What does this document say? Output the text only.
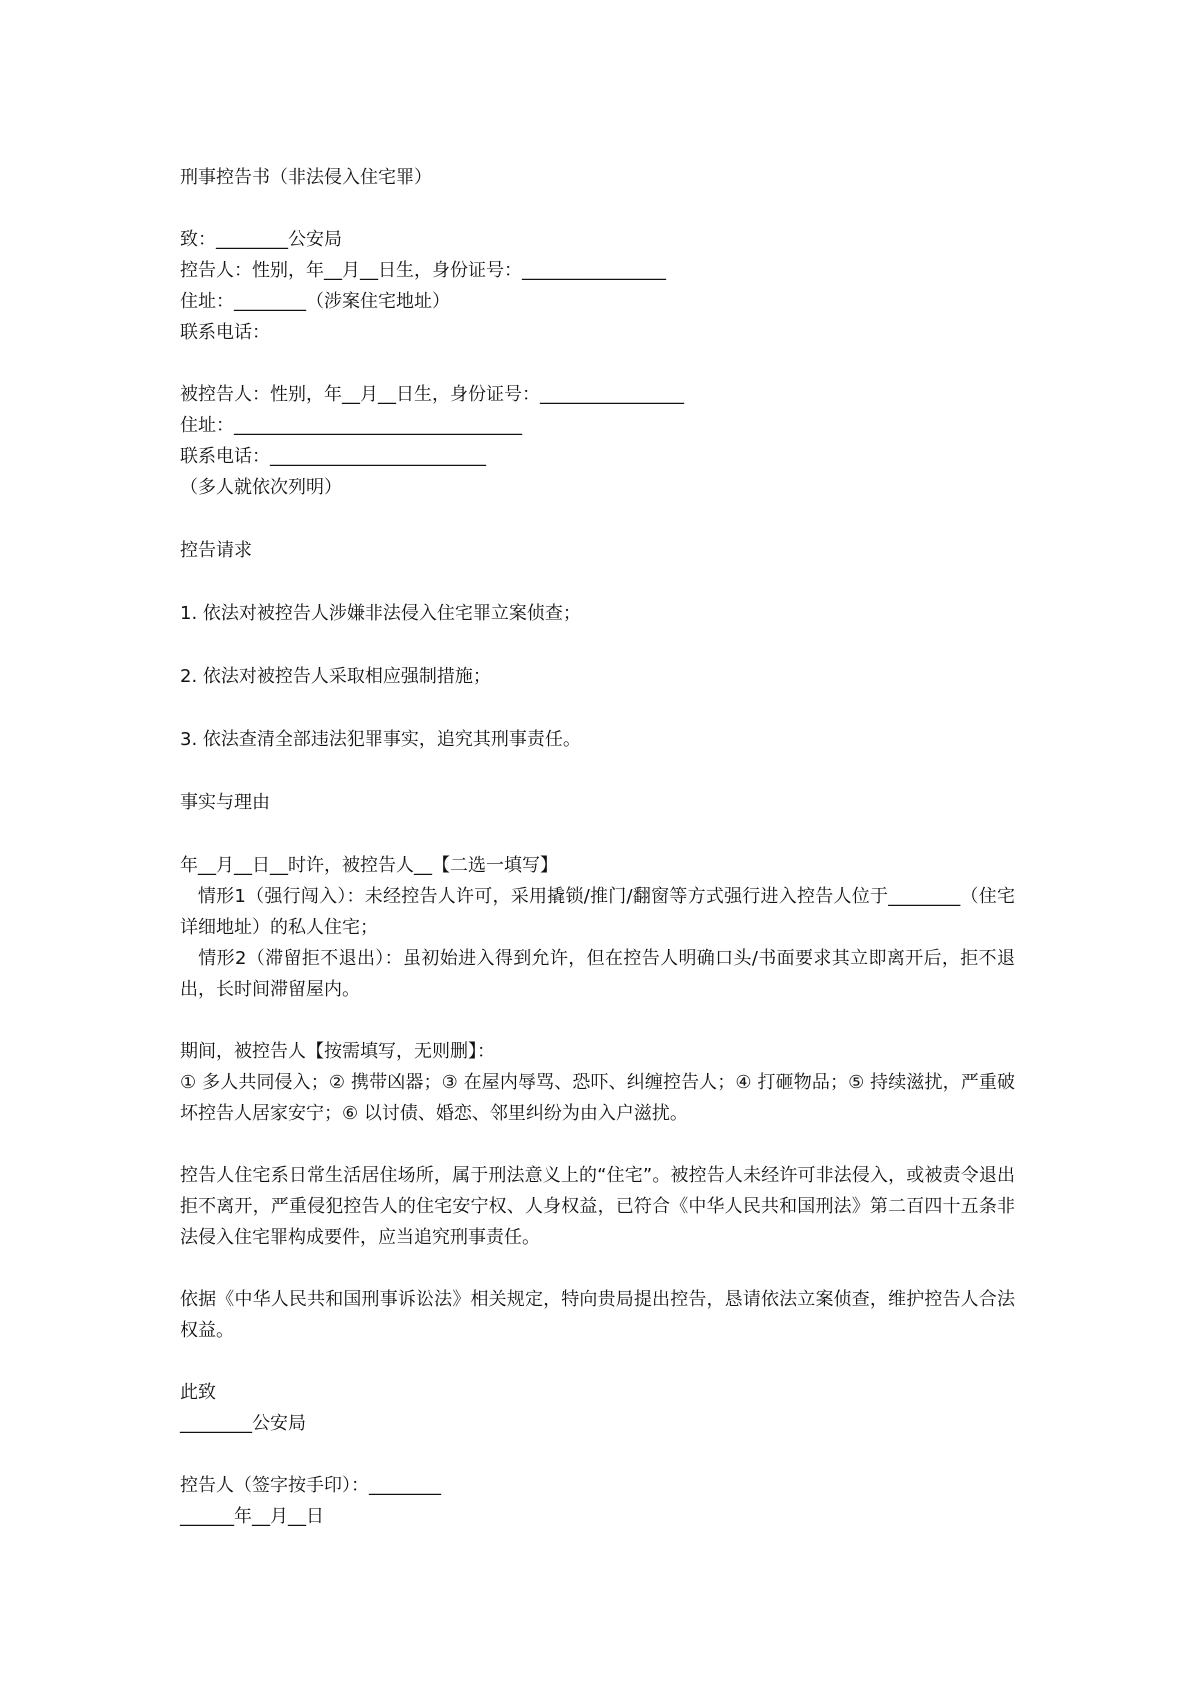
刑事控告书（非法侵入住宅罪）
致：________公安局
控告人：性别，年__月__日生，身份证号：________________
住址：________（涉案住宅地址）
联系电话：
被控告人：性别，年__月__日生，身份证号：________________
住址：________________________________
联系电话：________________________
（多人就依次列明）
控告请求
1. 依法对被控告人涉嫌非法侵入住宅罪立案侦查；
2. 依法对被控告人采取相应强制措施；
3. 依法查清全部违法犯罪事实，追究其刑事责任。
事实与理由
年__月__日__时许，被控告人__【二选一填写】
情形1（强行闯入）：未经控告人许可，采用撬锁/推门/翻窗等方式强行进入控告人位于________（住宅详细地址）的私人住宅；
情形2（滞留拒不退出）：虽初始进入得到允许，但在控告人明确口头/书面要求其立即离开后，拒不退出，长时间滞留屋内。
期间，被控告人【按需填写，无则删】：
① 多人共同侵入；② 携带凶器；③ 在屋内辱骂、恐吓、纠缠控告人；④ 打砸物品；⑤ 持续滋扰，严重破坏控告人居家安宁；⑥ 以讨债、婚恋、邻里纠纷为由入户滋扰。
控告人住宅系日常生活居住场所，属于刑法意义上的“住宅”。被控告人未经许可非法侵入，或被责令退出拒不离开，严重侵犯控告人的住宅安宁权、人身权益，已符合《中华人民共和国刑法》第二百四十五条非法侵入住宅罪构成要件，应当追究刑事责任。
依据《中华人民共和国刑事诉讼法》相关规定，特向贵局提出控告，恳请依法立案侦查，维护控告人合法权益。
此致
________公安局
控告人（签字按手印）：________
______年__月__日
